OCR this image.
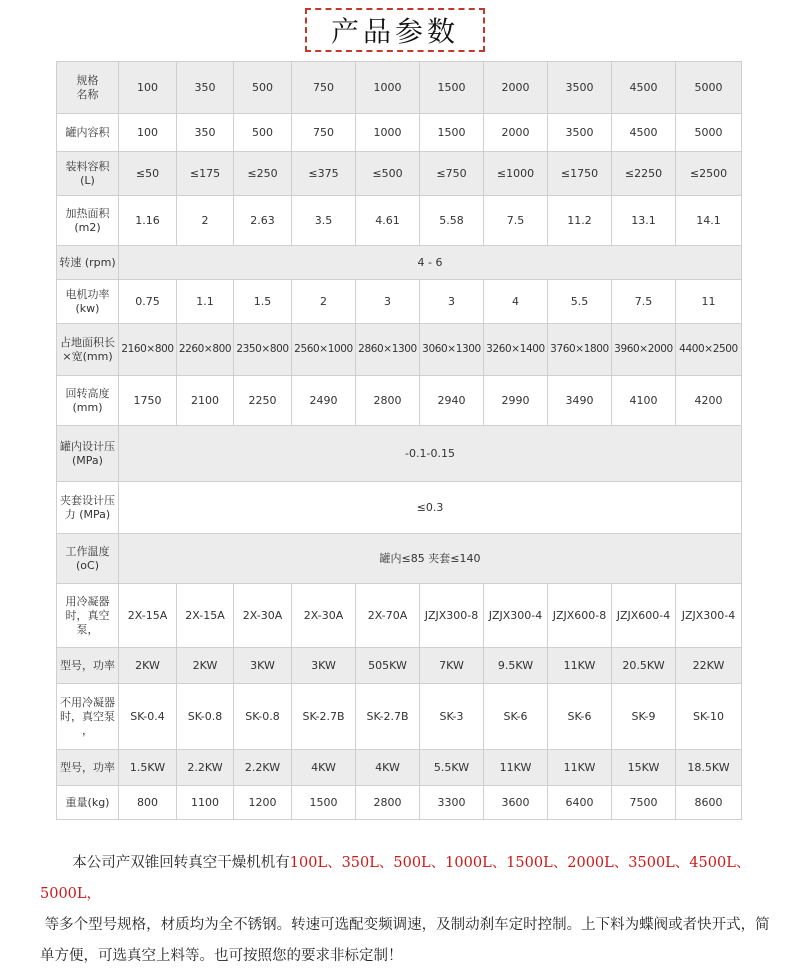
产品参数
规格
名称	100	350	500	750	1000	1500	2000	3500	4500	5000
罐内容积	100	350	500	750	1000	1500	2000	3500	4500	5000
装料容积
(L)	≤50	≤175	≤250	≤375	≤500	≤750	≤1000	≤1750	≤2250	≤2500
加热面积
(m2)	1.16	2	2.63	3.5	4.61	5.58	7.5	11.2	13.1	14.1
转速 (rpm)	4 - 6									
电机功率
(kw)	0.75	1.1	1.5	2	3	3	4	5.5	7.5	11
占地面积长
×宽(mm)	2160×800	2260×800	2350×800	2560×1000	2860×1300	3060×1300	3260×1400	3760×1800	3960×2000	4400×2500
回转高度
(mm)	1750	2100	2250	2490	2800	2940	2990	3490	4100	4200
罐内设计压
(MPa)	-0.1-0.15									
夹套设计压
力 (MPa)	≤0.3									
工作温度
(oC)	罐内≤85 夹套≤140									
用冷凝器
时，真空
泵，	2X-15A	2X-15A	2X-30A	2X-30A	2X-70A	JZJX300-8	JZJX300-4	JZJX600-8	JZJX600-4	JZJX300-4
型号，功率	2KW	2KW	3KW	3KW	505KW	7KW	9.5KW	11KW	20.5KW	22KW
不用冷凝器
时，真空泵
，	SK-0.4	SK-0.8	SK-0.8	SK-2.7B	SK-2.7B	SK-3	SK-6	SK-6	SK-9	SK-10
型号，功率	1.5KW	2.2KW	2.2KW	4KW	4KW	5.5KW	11KW	11KW	15KW	18.5KW
重量(kg)	800	1100	1200	1500	2800	3300	3600	6400	7500	8600
本公司产双锥回转真空干燥机机有100L、350L、500L、1000L、1500L、2000L、3500L、4500L、5000L，
等多个型号规格，材质均为全不锈钢。转速可选配变频调速，及制动刹车定时控制。上下料为蝶阀或者快开式，简单方便，可选真空上料等。也可按照您的要求非标定制！
